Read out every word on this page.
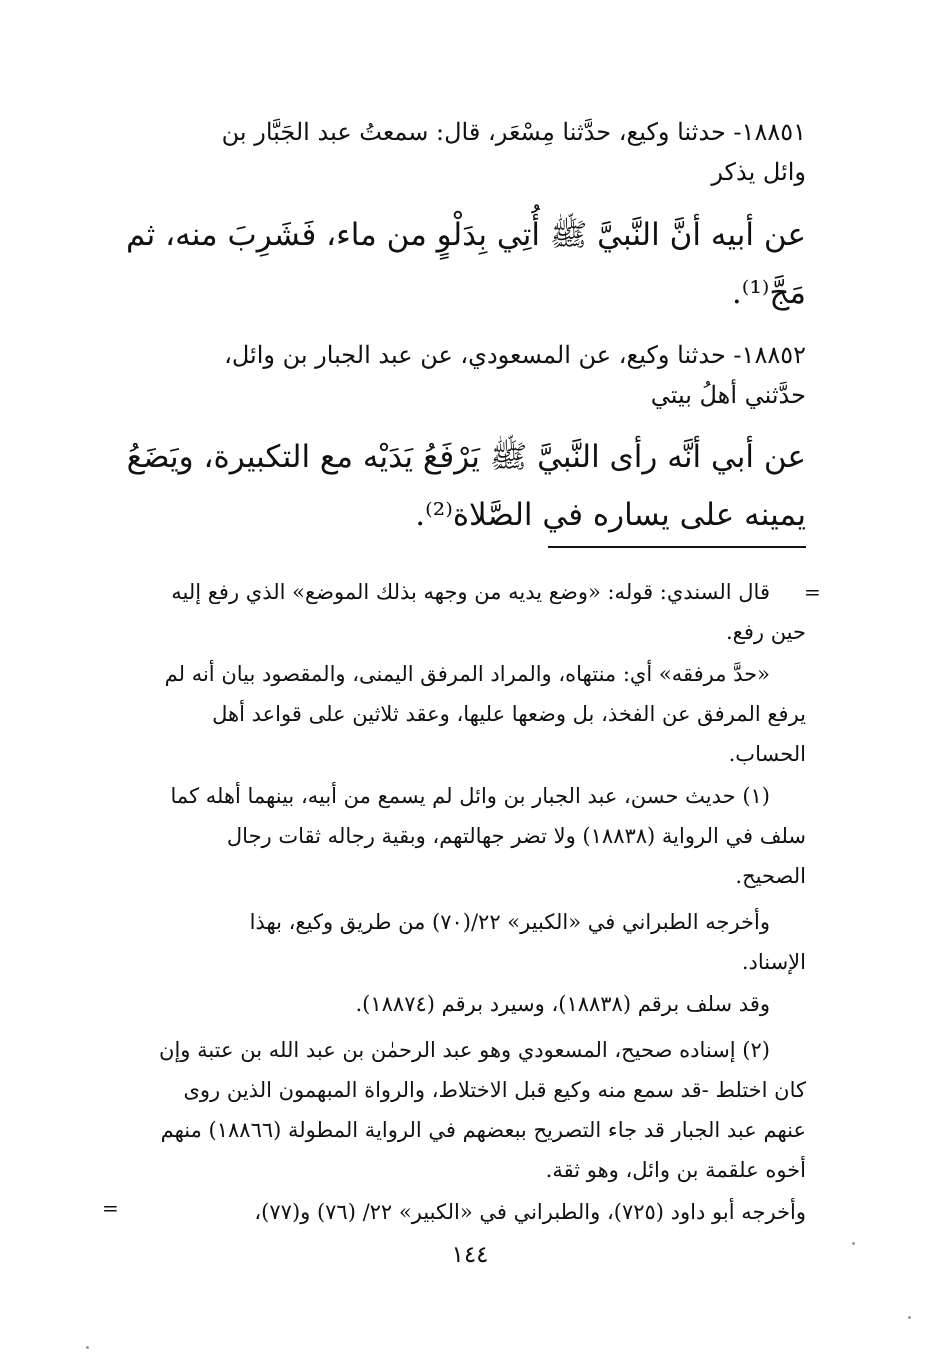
١٨٨٥١- حدثنا وكيع، حدَّثنا مِسْعَر، قال: سمعتُ عبد الجَبَّار بن
وائل يذكر
عن أبيه أنَّ النَّبيَّ ﷺ أُتِي بِدَلْوٍ من ماء، فَشَرِبَ منه، ثم
مَجَّ⁽¹⁾.
١٨٨٥٢- حدثنا وكيع، عن المسعودي، عن عبد الجبار بن وائل،
حدَّثني أهلُ بيتي
عن أبي أنَّه رأى النَّبيَّ ﷺ يَرْفَعُ يَدَيْه مع التكبيرة، ويَضَعُ
يمينه على يساره في الصَّلاة⁽²⁾.
=
قال السندي: قوله: «وضع يديه من وجهه بذلك الموضع» الذي رفع إليه
حين رفع.
«حدَّ مرفقه» أي: منتهاه، والمراد المرفق اليمنى، والمقصود بيان أنه لم
يرفع المرفق عن الفخذ، بل وضعها عليها، وعقد ثلاثين على قواعد أهل
الحساب.
(١) حديث حسن، عبد الجبار بن وائل لم يسمع من أبيه، بينهما أهله كما
سلف في الرواية (١٨٨٣٨) ولا تضر جهالتهم، وبقية رجاله ثقات رجال
الصحيح.
وأخرجه الطبراني في «الكبير» ٢٢/(٧٠) من طريق وكيع، بهذا
الإسناد.
وقد سلف برقم (١٨٨٣٨)، وسيرد برقم (١٨٨٧٤).
(٢) إسناده صحيح، المسعودي وهو عبد الرحمٰن بن عبد الله بن عتبة وإن
كان اختلط -قد سمع منه وكيع قبل الاختلاط، والرواة المبهمون الذين روى
عنهم عبد الجبار قد جاء التصريح ببعضهم في الرواية المطولة (١٨٨٦٦) منهم
أخوه علقمة بن وائل، وهو ثقة.
وأخرجه أبو داود (٧٢٥)، والطبراني في «الكبير» ٢٢/ (٧٦) و(٧٧)،
=
١٤٤
